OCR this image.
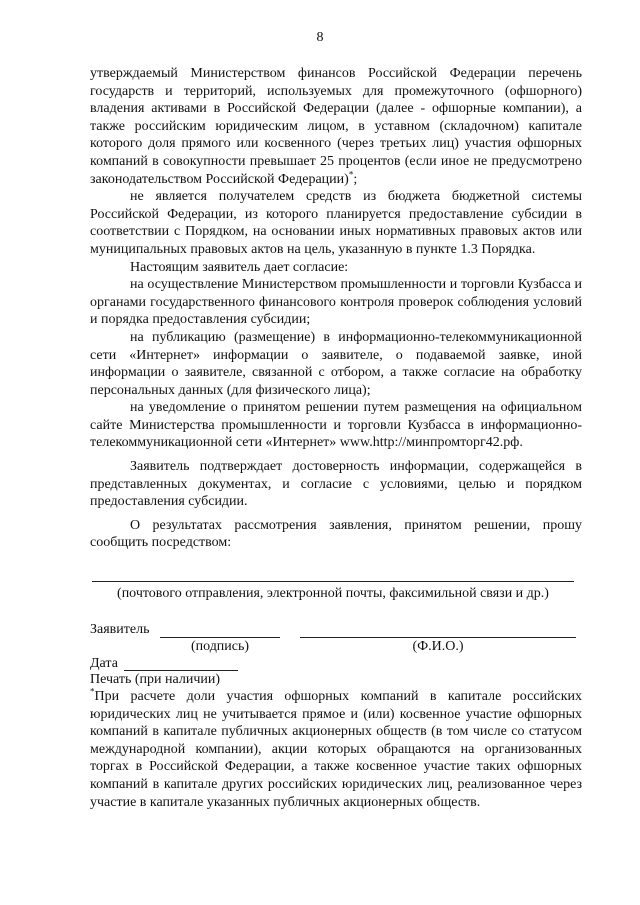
8

утверждаемый Министерством финансов Российской Федерации перечень государств и территорий, используемых для промежуточного (офшорного) владения активами в Российской Федерации (далее - офшорные компании), а также российским юридическим лицом, в уставном (складочном) капитале которого доля прямого или косвенного (через третьих лиц) участия офшорных компаний в совокупности превышает 25 процентов (если иное не предусмотрено законодательством Российской Федерации)*;

не является получателем средств из бюджета бюджетной системы Российской Федерации, из которого планируется предоставление субсидии в соответствии с Порядком, на основании иных нормативных правовых актов или муниципальных правовых актов на цель, указанную в пункте 1.3 Порядка.

Настоящим заявитель дает согласие:

на осуществление Министерством промышленности и торговли Кузбасса и органами государственного финансового контроля проверок соблюдения условий и порядка предоставления субсидии;

на публикацию (размещение) в информационно-телекоммуникационной сети «Интернет» информации о заявителе, о подаваемой заявке, иной информации о заявителе, связанной с отбором, а также согласие на обработку персональных данных (для физического лица);

на уведомление о принятом решении путем размещения на официальном сайте Министерства промышленности и торговли Кузбасса в информационно-телекоммуникационной сети «Интернет» www.http://минпромторг42.рф.

Заявитель подтверждает достоверность информации, содержащейся в представленных документах, и согласие с условиями, целью и порядком предоставления субсидии.

О результатах рассмотрения заявления, принятом решении, прошу сообщить посредством:

(почтового отправления, электронной почты, факсимильной связи и др.)
Заявитель
(подпись)	(Ф.И.О.)
Дата
Печать (при наличии)
*При расчете доли участия офшорных компаний в капитале российских юридических лиц не учитывается прямое и (или) косвенное участие офшорных компаний в капитале публичных акционерных обществ (в том числе со статусом международной компании), акции которых обращаются на организованных торгах в Российской Федерации, а также косвенное участие таких офшорных компаний в капитале других российских юридических лиц, реализованное через участие в капитале указанных публичных акционерных обществ.
